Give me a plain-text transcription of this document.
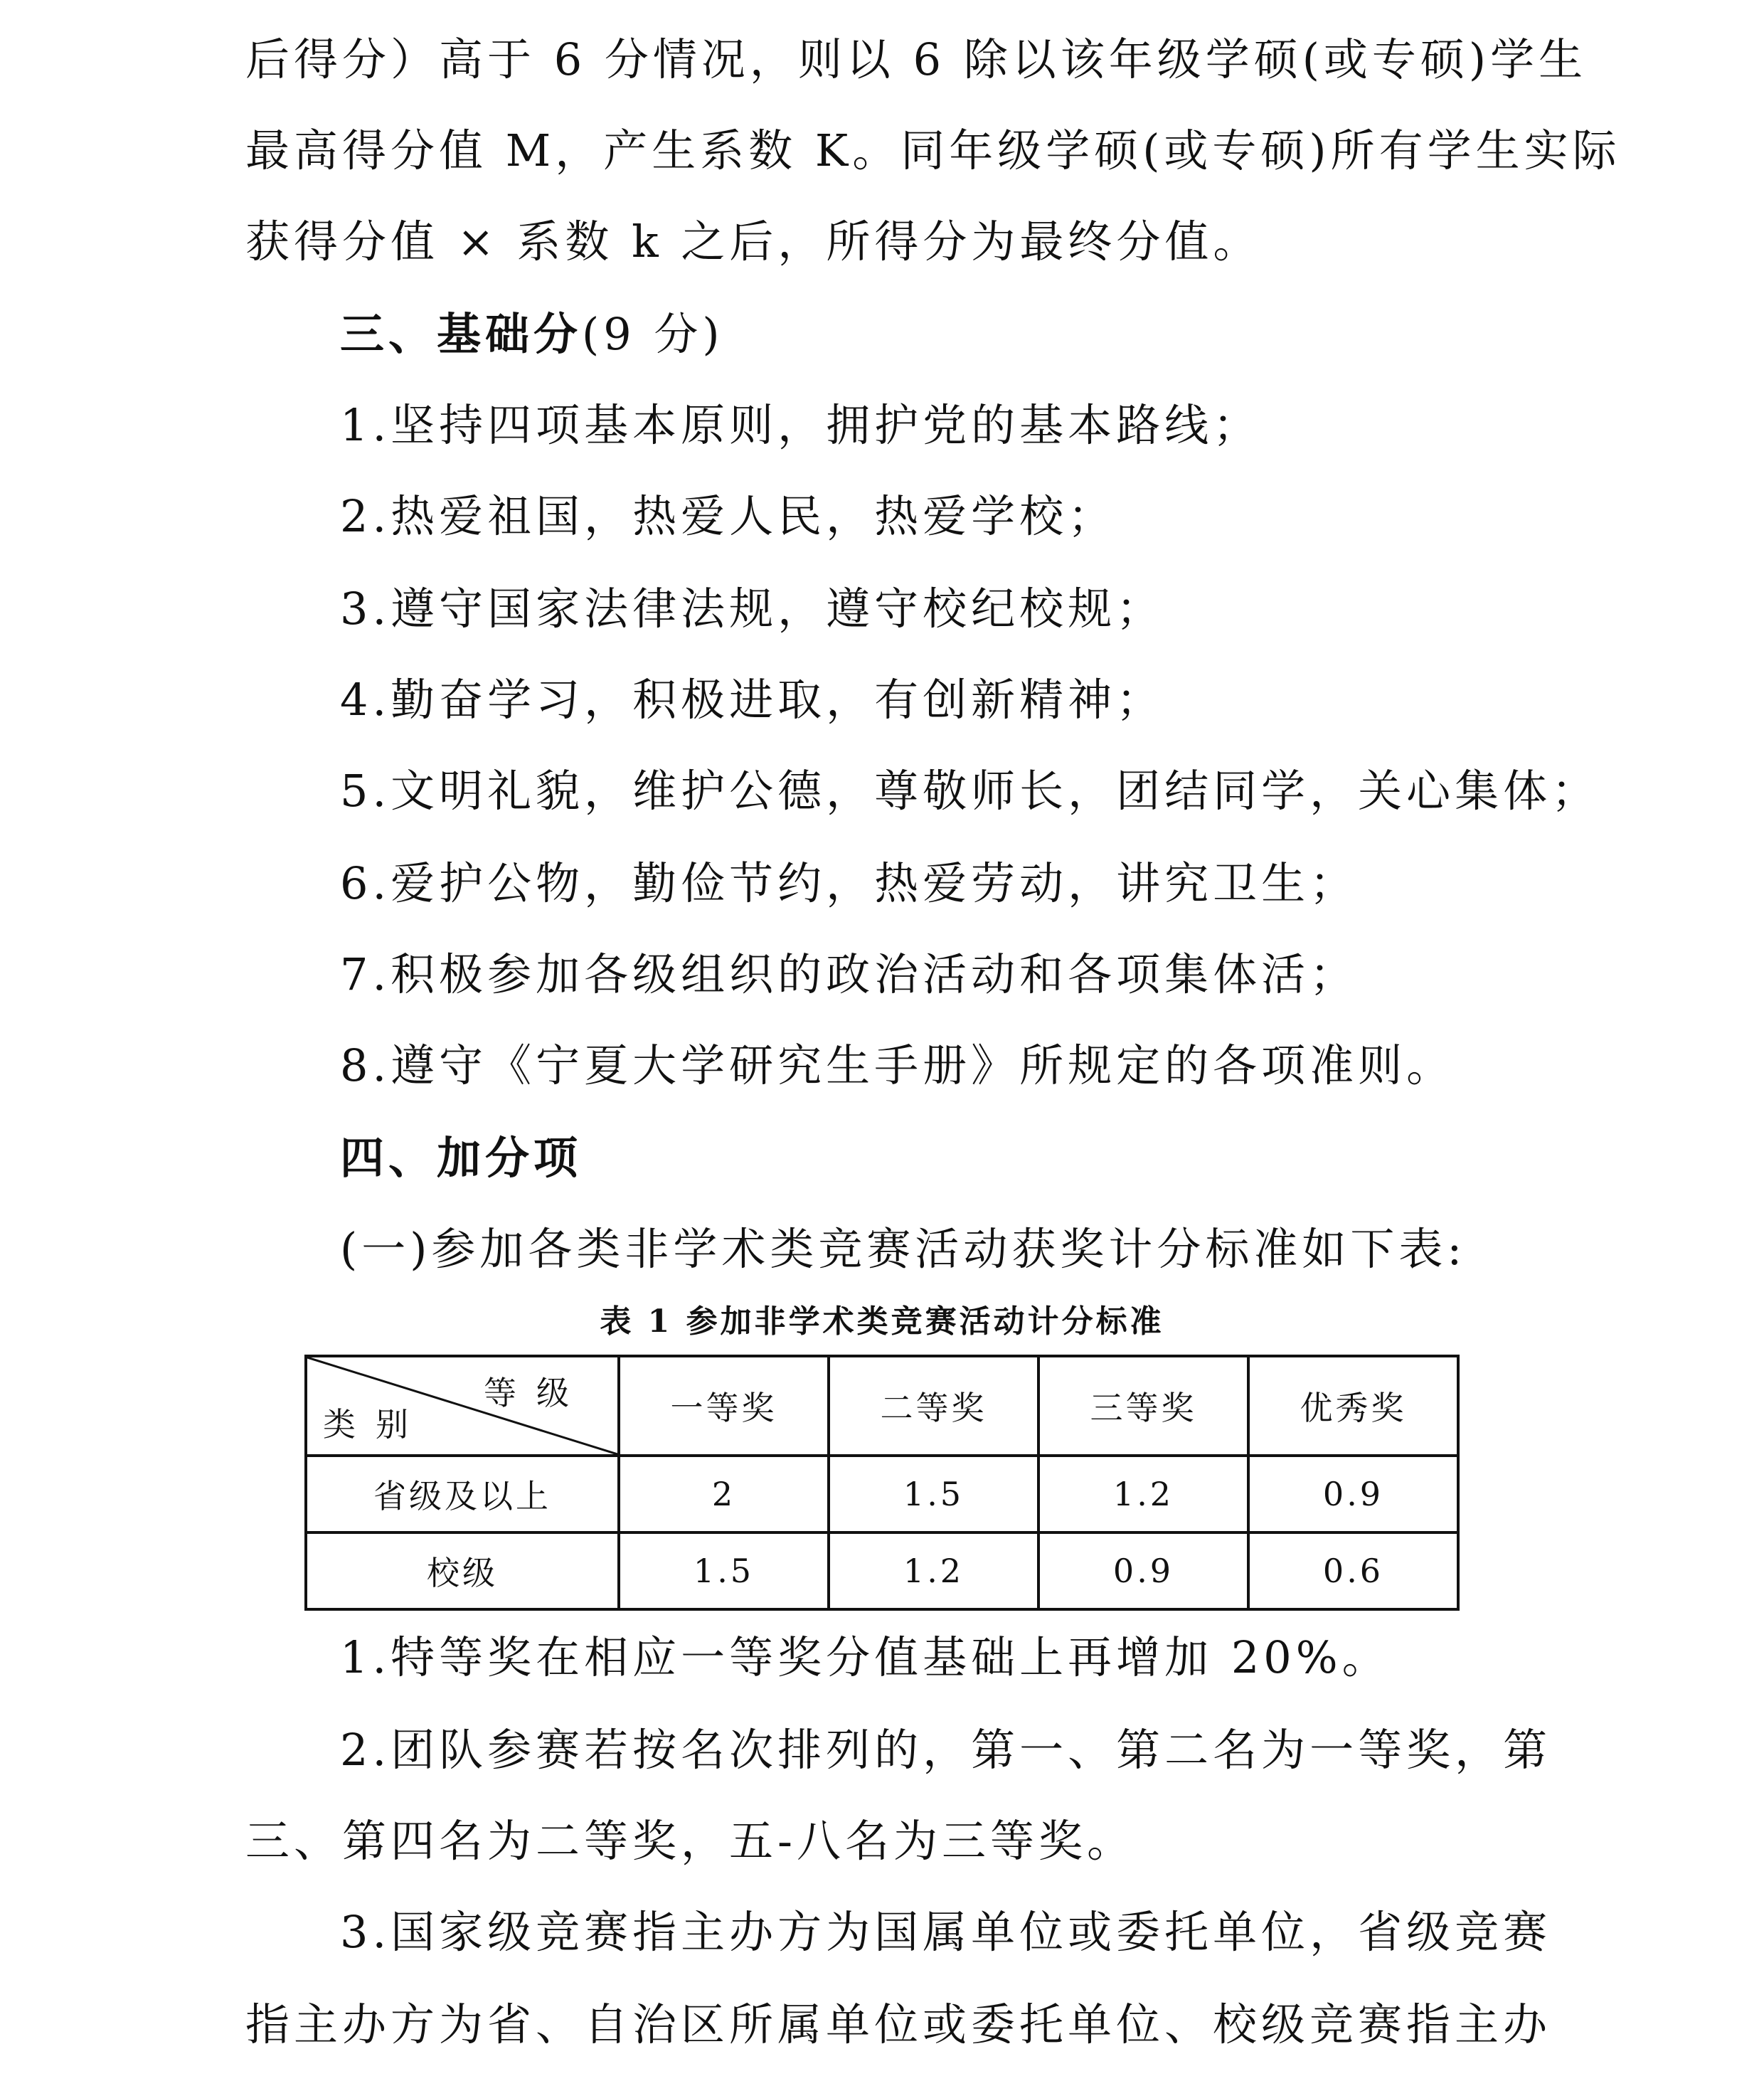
后得分）高于 6 分情况，则以 6 除以该年级学硕(或专硕)学生
最高得分值 M，产生系数 K。同年级学硕(或专硕)所有学生实际
获得分值 × 系数 k 之后，所得分为最终分值。
三、基础分(9 分)
1.坚持四项基本原则，拥护党的基本路线；
2.热爱祖国，热爱人民，热爱学校；
3.遵守国家法律法规，遵守校纪校规；
4.勤奋学习，积极进取，有创新精神；
5.文明礼貌，维护公德，尊敬师长，团结同学，关心集体；
6.爱护公物，勤俭节约，热爱劳动，讲究卫生；
7.积极参加各级组织的政治活动和各项集体活；
8.遵守《宁夏大学研究生手册》所规定的各项准则。
四、加分项
(一)参加各类非学术类竞赛活动获奖计分标准如下表:
表 1 参加非学术类竞赛活动计分标准
等级
类别	一等奖	二等奖	三等奖	优秀奖
省级及以上	2	1.5	1.2	0.9
校级	1.5	1.2	0.9	0.6
1.特等奖在相应一等奖分值基础上再增加 20%。
2.团队参赛若按名次排列的，第一、第二名为一等奖，第
三、第四名为二等奖，五-八名为三等奖。
3.国家级竞赛指主办方为国属单位或委托单位，省级竞赛
指主办方为省、自治区所属单位或委托单位、校级竞赛指主办
